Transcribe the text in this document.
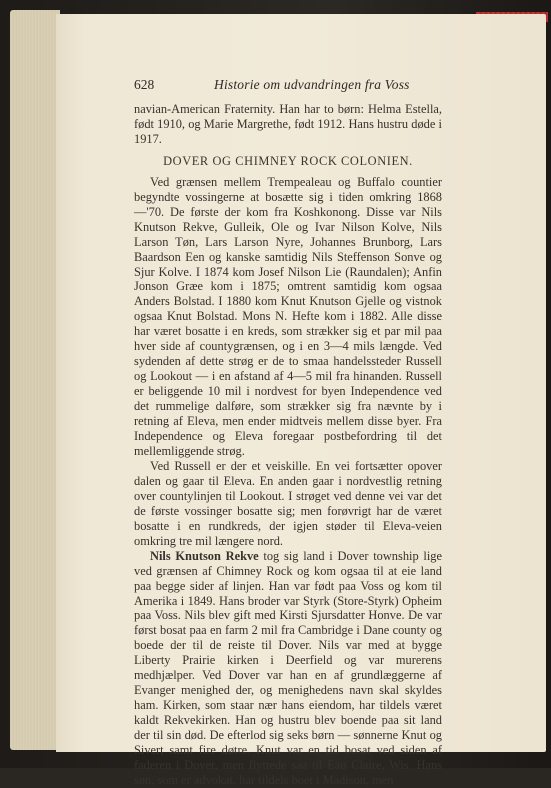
628	Historie om udvandringen fra Voss

navian-American Fraternity. Han har to børn: Helma Estella, født 1910, og Marie Margrethe, født 1912. Hans hustru døde i 1917.

DOVER OG CHIMNEY ROCK COLONIEN.

Ved grænsen mellem Trempealeau og Buffalo countier begyndte vossingerne at bosætte sig i tiden omkring 1868—'70. De første der kom fra Koshkonong. Disse var Nils Knutson Rekve, Gulleik, Ole og Ivar Nilson Kolve, Nils Larson Tøn, Lars Larson Nyre, Johannes Brunborg, Lars Baardson Een og kanske samtidig Nils Steffenson Sonve og Sjur Kolve. I 1874 kom Josef Nilson Lie (Raundalen); Anfin Jonson Græe kom i 1875; omtrent samtidig kom ogsaa Anders Bolstad. I 1880 kom Knut Knutson Gjelle og vistnok ogsaa Knut Bolstad. Mons N. Hefte kom i 1882. Alle disse har været bosatte i en kreds, som strækker sig et par mil paa hver side af countygrænsen, og i en 3—4 mils længde. Ved sydenden af dette strøg er de to smaa handelssteder Russell og Lookout — i en afstand af 4—5 mil fra hinanden. Russell er beliggende 10 mil i nordvest for byen Independence ved det rummelige dalføre, som strækker sig fra nævnte by i retning af Eleva, men ender midtveis mellem disse byer. Fra Independence og Eleva foregaar postbefordring til det mellemliggende strøg.

Ved Russell er der et veiskille. En vei fortsætter opover dalen og gaar til Eleva. En anden gaar i nordvestlig retning over countylinjen til Lookout. I strøget ved denne vei var det de første vossinger bosatte sig; men forøvrigt har de været bosatte i en rundkreds, der igjen støder til Eleva-veien omkring tre mil længere nord.

Nils Knutson Rekve tog sig land i Dover township lige ved grænsen af Chimney Rock og kom ogsaa til at eie land paa begge sider af linjen. Han var født paa Voss og kom til Amerika i 1849. Hans broder var Styrk (Store-Styrk) Opheim paa Voss. Nils blev gift med Kirsti Sjursdatter Honve. De var først bosat paa en farm 2 mil fra Cambridge i Dane county og boede der til de reiste til Dover. Nils var med at bygge Liberty Prairie kirken i Deerfield og var murerens medhjælper. Ved Dover var han en af grundlæggerne af Evanger menighed der, og menighedens navn skal skyldes ham. Kirken, som staar nær hans eiendom, har tildels været kaldt Rekvekirken. Han og hustru blev boende paa sit land der til sin død. De efterlod sig seks børn — sønnerne Knut og Sivert samt fire døtre. Knut var en tid bosat ved siden af faderen i Dover, men flyttede saa til Eau Claire, Wis. Hans søn, som er advokat, har tildels boet i Madison, men
